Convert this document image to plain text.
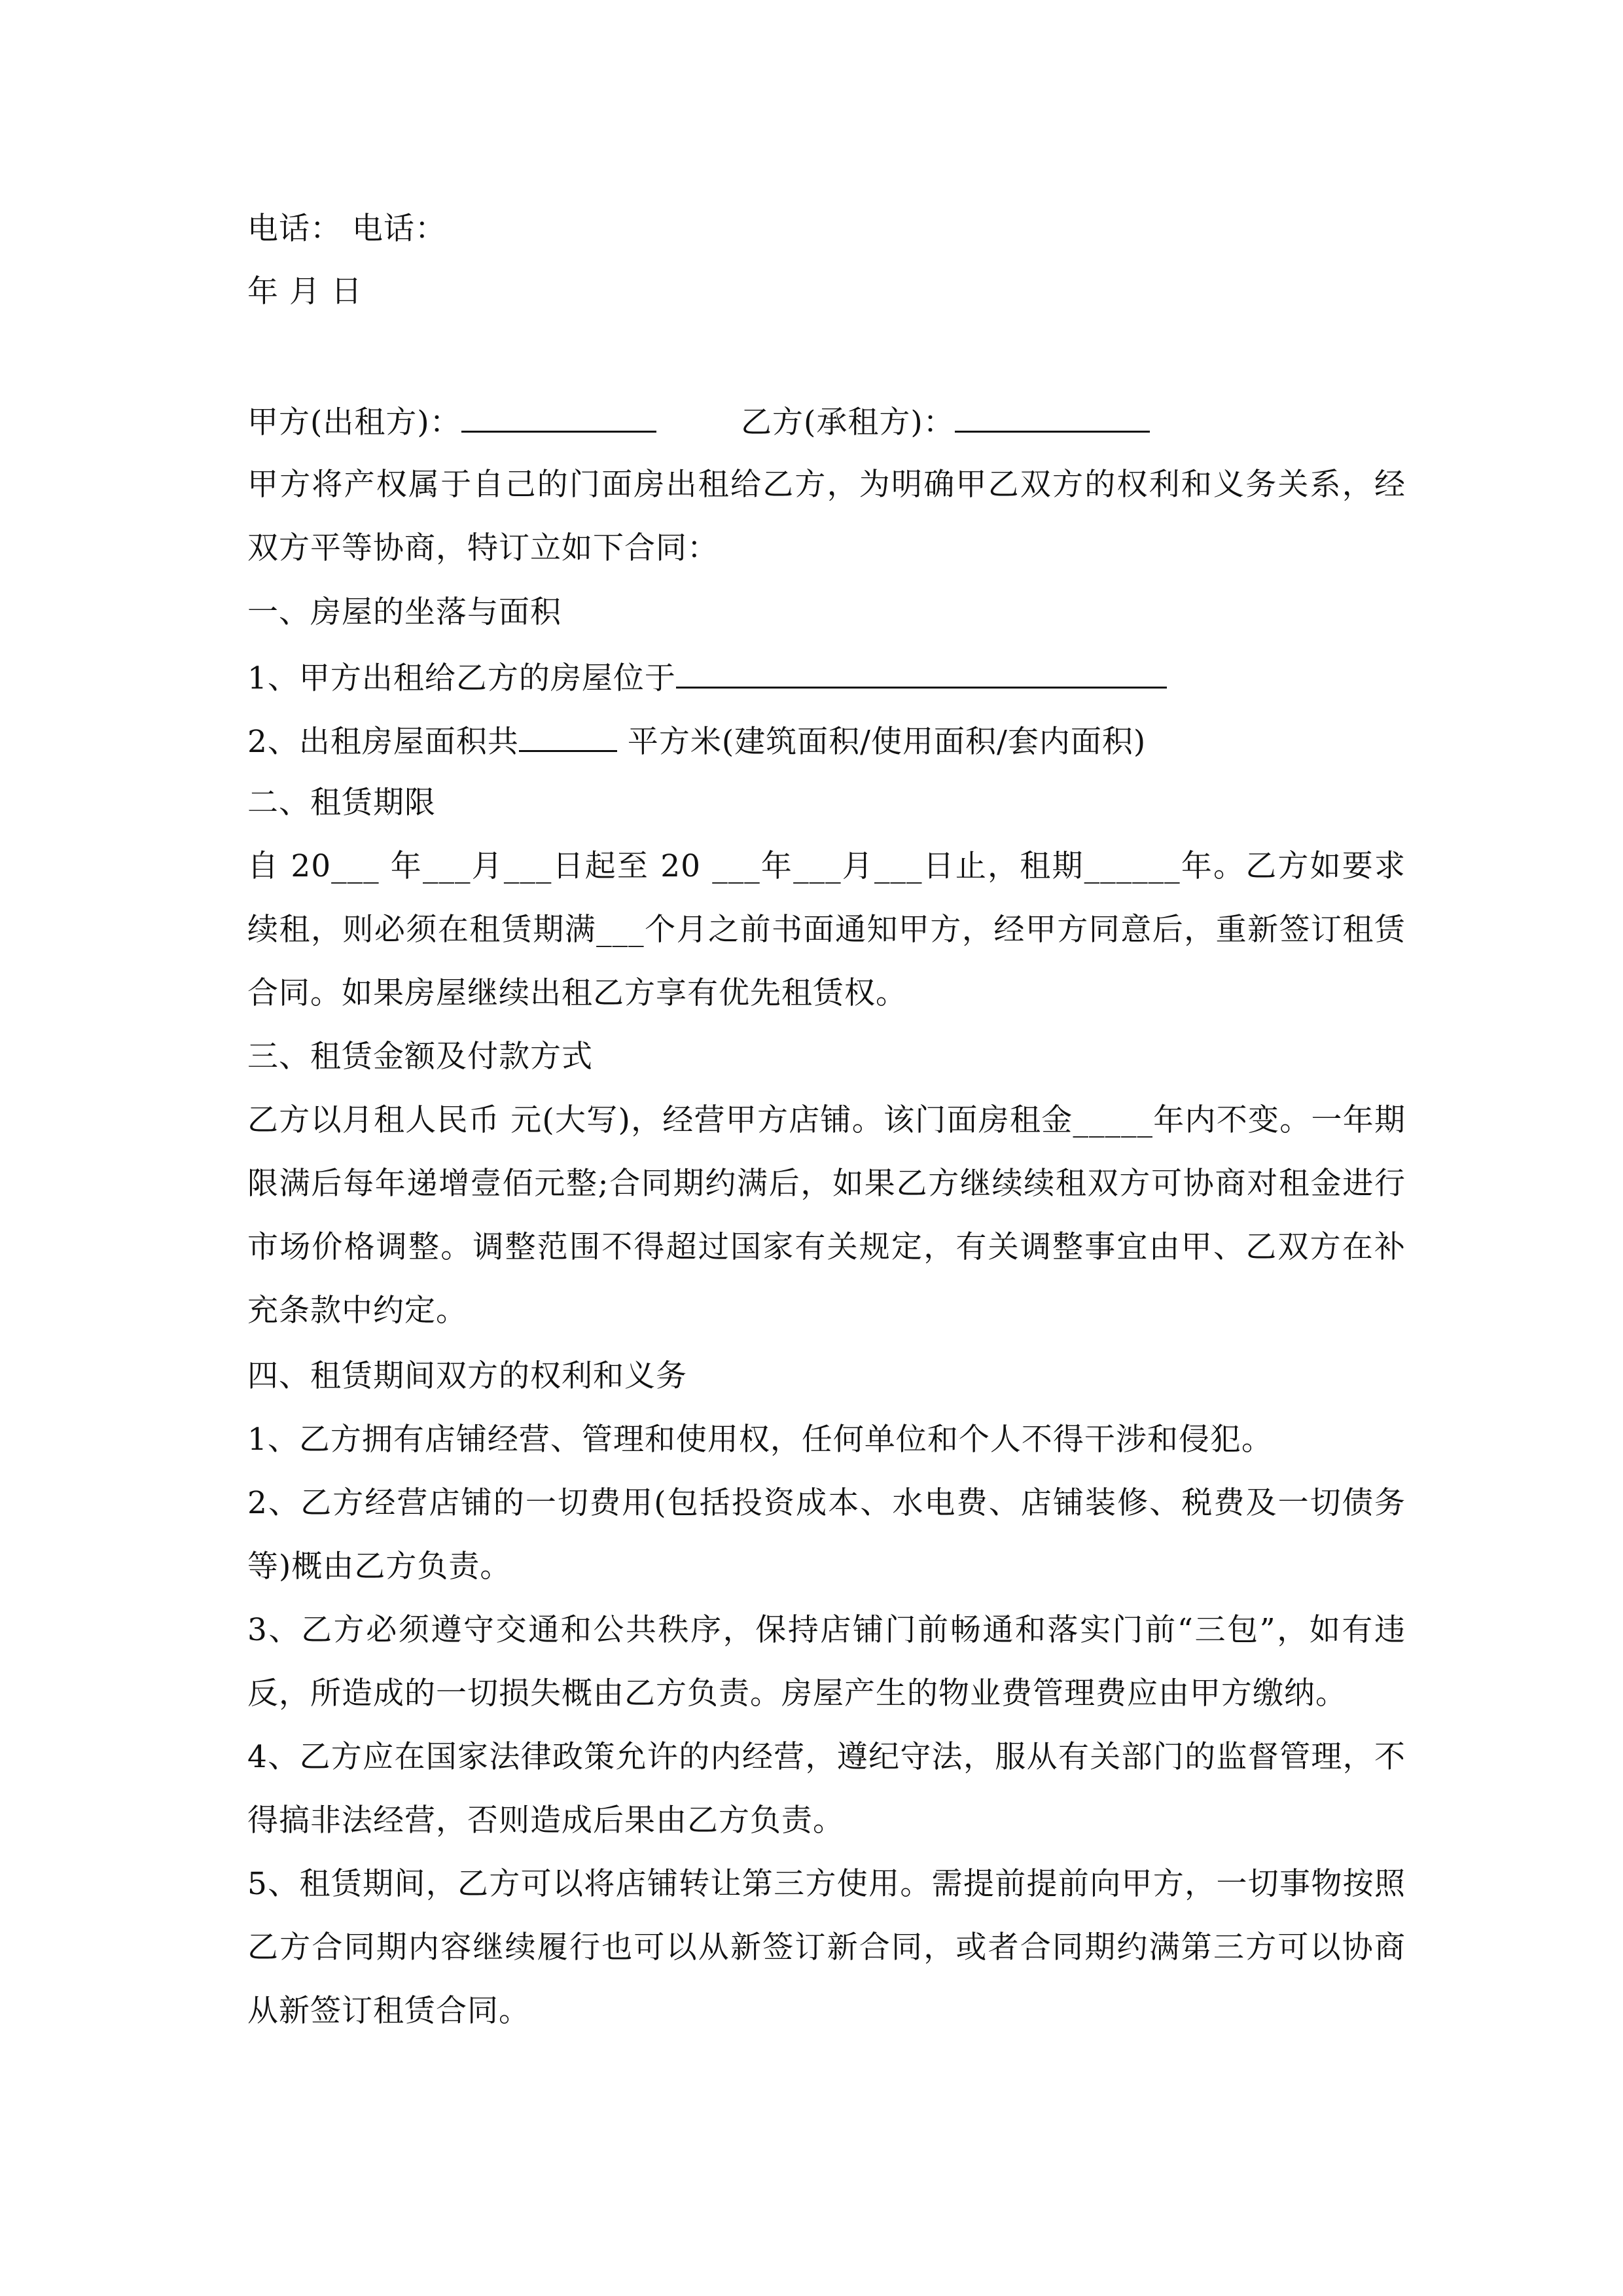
电话： 电话：
年 月 日
甲方(出租方)：	乙方(承租方)：
甲方将产权属于自己的门面房出租给乙方，为明确甲乙双方的权利和义务关系，经双方平等协商，特订立如下合同：
一、房屋的坐落与面积
1、甲方出租给乙方的房屋位于
2、出租房屋面积共	平方米(建筑面积/使用面积/套内面积)
二、租赁期限
自 20___ 年___月___日起至 20 ___年___月___日止，租期______年。乙方如要求续租，则必须在租赁期满___个月之前书面通知甲方，经甲方同意后，重新签订租赁合同。如果房屋继续出租乙方享有优先租赁权。
三、租赁金额及付款方式
乙方以月租人民币 元(大写)，经营甲方店铺。该门面房租金_____年内不变。一年期限满后每年递增壹佰元整;合同期约满后，如果乙方继续续租双方可协商对租金进行市场价格调整。调整范围不得超过国家有关规定，有关调整事宜由甲、乙双方在补充条款中约定。
四、租赁期间双方的权利和义务
1、乙方拥有店铺经营、管理和使用权，任何单位和个人不得干涉和侵犯。
2、乙方经营店铺的一切费用(包括投资成本、水电费、店铺装修、税费及一切债务等)概由乙方负责。
3、乙方必须遵守交通和公共秩序，保持店铺门前畅通和落实门前“三包”，如有违反，所造成的一切损失概由乙方负责。房屋产生的物业费管理费应由甲方缴纳。
4、乙方应在国家法律政策允许的内经营，遵纪守法，服从有关部门的监督管理，不得搞非法经营，否则造成后果由乙方负责。
5、租赁期间，乙方可以将店铺转让第三方使用。需提前提前向甲方，一切事物按照乙方合同期内容继续履行也可以从新签订新合同，或者合同期约满第三方可以协商从新签订租赁合同。
